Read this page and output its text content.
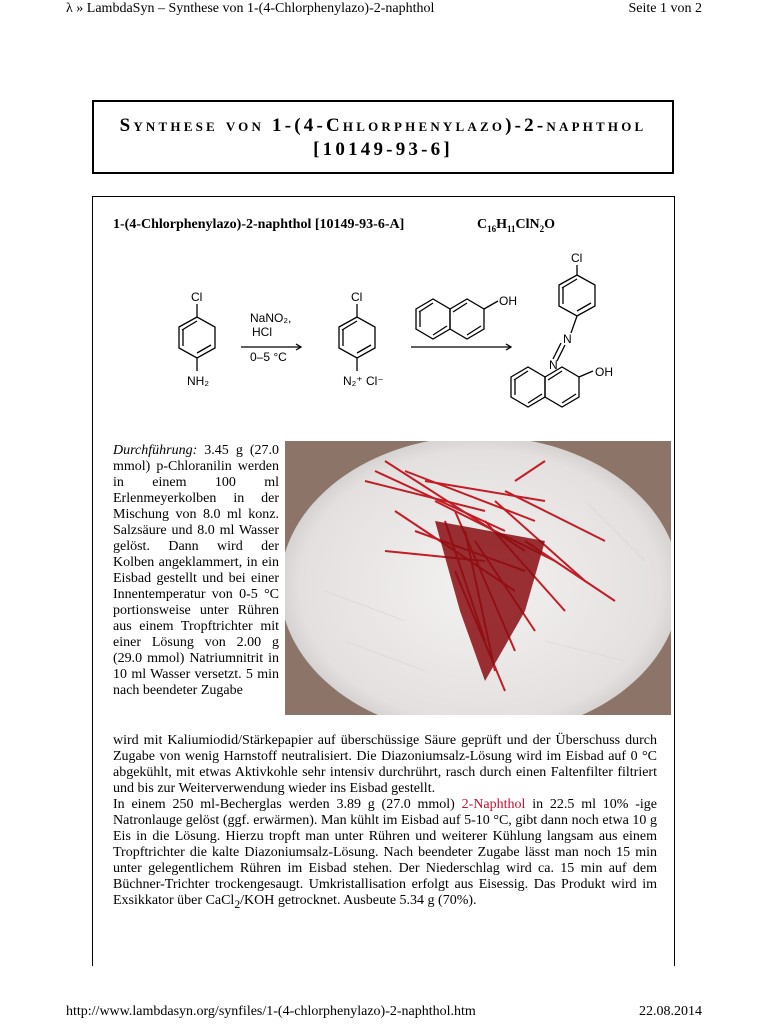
λ » LambdaSyn – Synthese von 1-(4-Chlorphenylazo)-2-naphthol	Seite 1 von 2
Synthese von 1-(4-Chlorphenylazo)-2-naphthol [10149-93-6]
1-(4-Chlorphenylazo)-2-naphthol [10149-93-6-A]	$C_{16}H_{11}ClN_2O$
Cl
NH₂
NaNO₂,
HCl
0–5 °C
Cl
N₂⁺ Cl⁻
OH
Cl
N
N	OH
Durchführung: 3.45 g (27.0 mmol) p-Chloranilin werden in einem 100 ml Erlenmeyerkolben in der Mischung von 8.0 ml konz. Salzsäure und 8.0 ml Wasser gelöst. Dann wird der Kolben angeklammert, in ein Eisbad gestellt und bei einer Innentemperatur von 0-5 °C portionsweise unter Rühren aus einem Tropftrichter mit einer Lösung von 2.00 g (29.0 mmol) Natriumnitrit in 10 ml Wasser versetzt. 5 min nach beendeter Zugabe
wird mit Kaliumiodid/Stärkepapier auf überschüssige Säure geprüft und der Überschuss durch Zugabe von wenig Harnstoff neutralisiert. Die Diazoniumsalz-Lösung wird im Eisbad auf 0 °C abgekühlt, mit etwas Aktivkohle sehr intensiv durchrührt, rasch durch einen Faltenfilter filtriert und bis zur Weiterverwendung wieder ins Eisbad gestellt.
In einem 250 ml-Becherglas werden 3.89 g (27.0 mmol) 2-Naphthol in 22.5 ml 10% -ige Natronlauge gelöst (ggf. erwärmen). Man kühlt im Eisbad auf 5-10 °C, gibt dann noch etwa 10 g Eis in die Lösung. Hierzu tropft man unter Rühren und weiterer Kühlung langsam aus einem Tropftrichter die kalte Diazoniumsalz-Lösung. Nach beendeter Zugabe lässt man noch 15 min unter gelegentlichem Rühren im Eisbad stehen. Der Niederschlag wird ca. 15 min auf dem Büchner-Trichter trockengesaugt. Umkristallisation erfolgt aus Eisessig. Das Produkt wird im Exsikkator über CaCl$_2$/KOH getrocknet. Ausbeute 5.34 g (70%).
http://www.lambdasyn.org/synfiles/1-(4-chlorphenylazo)-2-naphthol.htm	22.08.2014
